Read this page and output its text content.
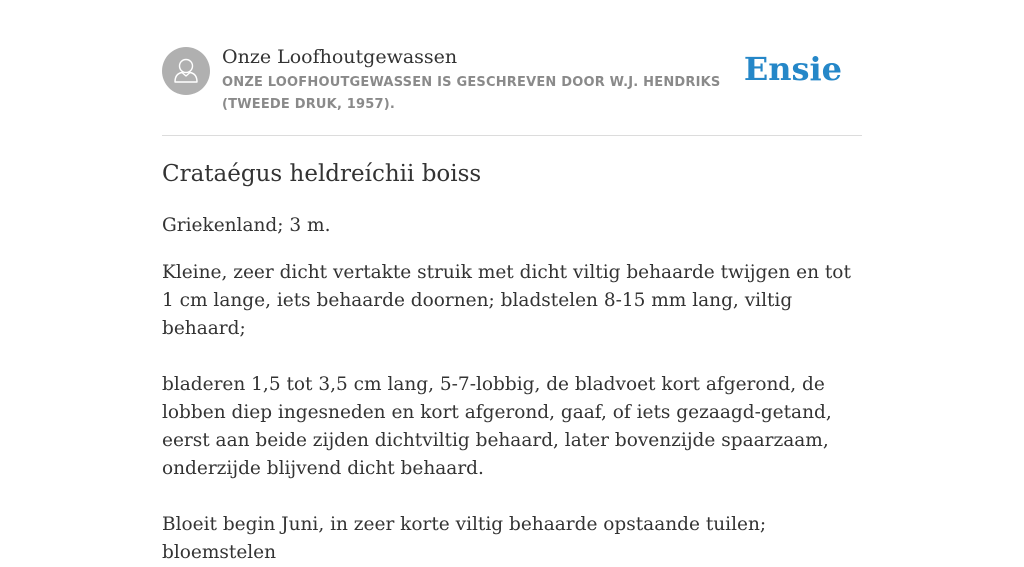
Onze Loofhoutgewassen
ONZE LOOFHOUTGEWASSEN IS GESCHREVEN DOOR W.J. HENDRIKS (TWEEDE DRUK, 1957).
Ensie
Crataégus heldreíchii boiss

Griekenland; 3 m.

Kleine, zeer dicht vertakte struik met dicht viltig behaarde twijgen en tot 1 cm lange, iets behaarde doornen; bladstelen 8-15 mm lang, viltig behaard;

bladeren 1,5 tot 3,5 cm lang, 5-7-lobbig, de bladvoet kort afgerond, de lobben diep ingesneden en kort afgerond, gaaf, of iets gezaagd-getand, eerst aan beide zijden dichtviltig behaard, later bovenzijde spaarzaam, onderzijde blijvend dicht behaard.

Bloeit begin Juni, in zeer korte viltig behaarde opstaande tuilen; bloemstelen
